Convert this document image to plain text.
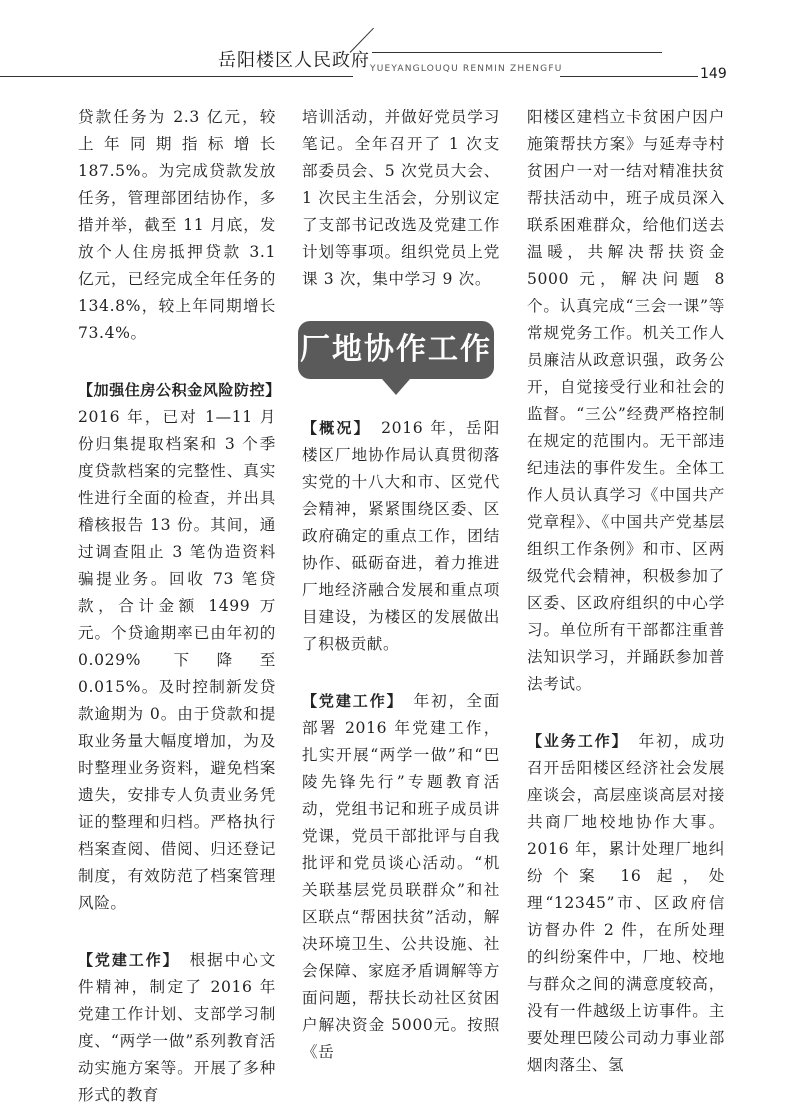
岳阳楼区人民政府 YUEYANGLOUQU RENMIN ZHENGFU	149

贷款任务为 2.3 亿元，较上年同期指标增长 187.5%。为完成贷款发放任务，管理部团结协作，多措并举，截至 11 月底，发放个人住房抵押贷款 3.1 亿元，已经完成全年任务的 134.8%，较上年同期增长 73.4%。

【加强住房公积金风险防控】

2016 年，已对 1—11 月份归集提取档案和 3 个季度贷款档案的完整性、真实性进行全面的检查，并出具稽核报告 13 份。其间，通过调查阻止 3 笔伪造资料骗提业务。回收 73 笔贷款，合计金额 1499 万元。个贷逾期率已由年初的 0.029% 下降至 0.015%。及时控制新发贷款逾期为 0。由于贷款和提取业务量大幅度增加，为及时整理业务资料，避免档案遗失，安排专人负责业务凭证的整理和归档。严格执行档案查阅、借阅、归还登记制度，有效防范了档案管理风险。

【党建工作】　 根据中心文件精神，制定了 2016 年党建工作计划、支部学习制度、“两学一做”系列教育活动实施方案等。开展了多种形式的教育

培训活动，并做好党员学习笔记。全年召开了 1 次支部委员会、5 次党员大会、1 次民主生活会，分别议定了支部书记改选及党建工作计划等事项。组织党员上党课 3 次，集中学习 9 次。

厂地协作工作

【概况】　 2016 年，岳阳楼区厂地协作局认真贯彻落实党的十八大和市、区党代会精神，紧紧围绕区委、区政府确定的重点工作，团结协作、砥砺奋进，着力推进厂地经济融合发展和重点项目建设，为楼区的发展做出了积极贡献。

【党建工作】　 年初，全面部署 2016 年党建工作，扎实开展“两学一做”和“巴陵先锋先行”专题教育活动，党组书记和班子成员讲党课，党员干部批评与自我批评和党员谈心活动。“机关联基层党员联群众”和社区联点“帮困扶贫”活动，解决环境卫生、公共设施、社会保障、家庭矛盾调解等方面问题，帮扶长动社区贫困户解决资金 5000元。按照《岳

阳楼区建档立卡贫困户因户施策帮扶方案》与延寿寺村贫困户一对一结对精准扶贫帮扶活动中，班子成员深入联系困难群众，给他们送去温暖，共解决帮扶资金 5000 元，解决问题 8 个。认真完成“三会一课”等常规党务工作。机关工作人员廉洁从政意识强，政务公开，自觉接受行业和社会的监督。“三公”经费严格控制在规定的范围内。无干部违纪违法的事件发生。全体工作人员认真学习《中国共产党章程》、《中国共产党基层组织工作条例》和市、区两级党代会精神，积极参加了区委、区政府组织的中心学习。单位所有干部都注重普法知识学习，并踊跃参加普法考试。

【业务工作】　 年初，成功召开岳阳楼区经济社会发展座谈会，高层座谈高层对接共商厂地校地协作大事。2016 年，累计处理厂地纠纷个案 16 起，处理“12345”市、区政府信访督办件 2 件，在所处理的纠纷案件中，厂地、校地与群众之间的满意度较高，没有一件越级上访事件。主要处理巴陵公司动力事业部烟肉落尘、氢
